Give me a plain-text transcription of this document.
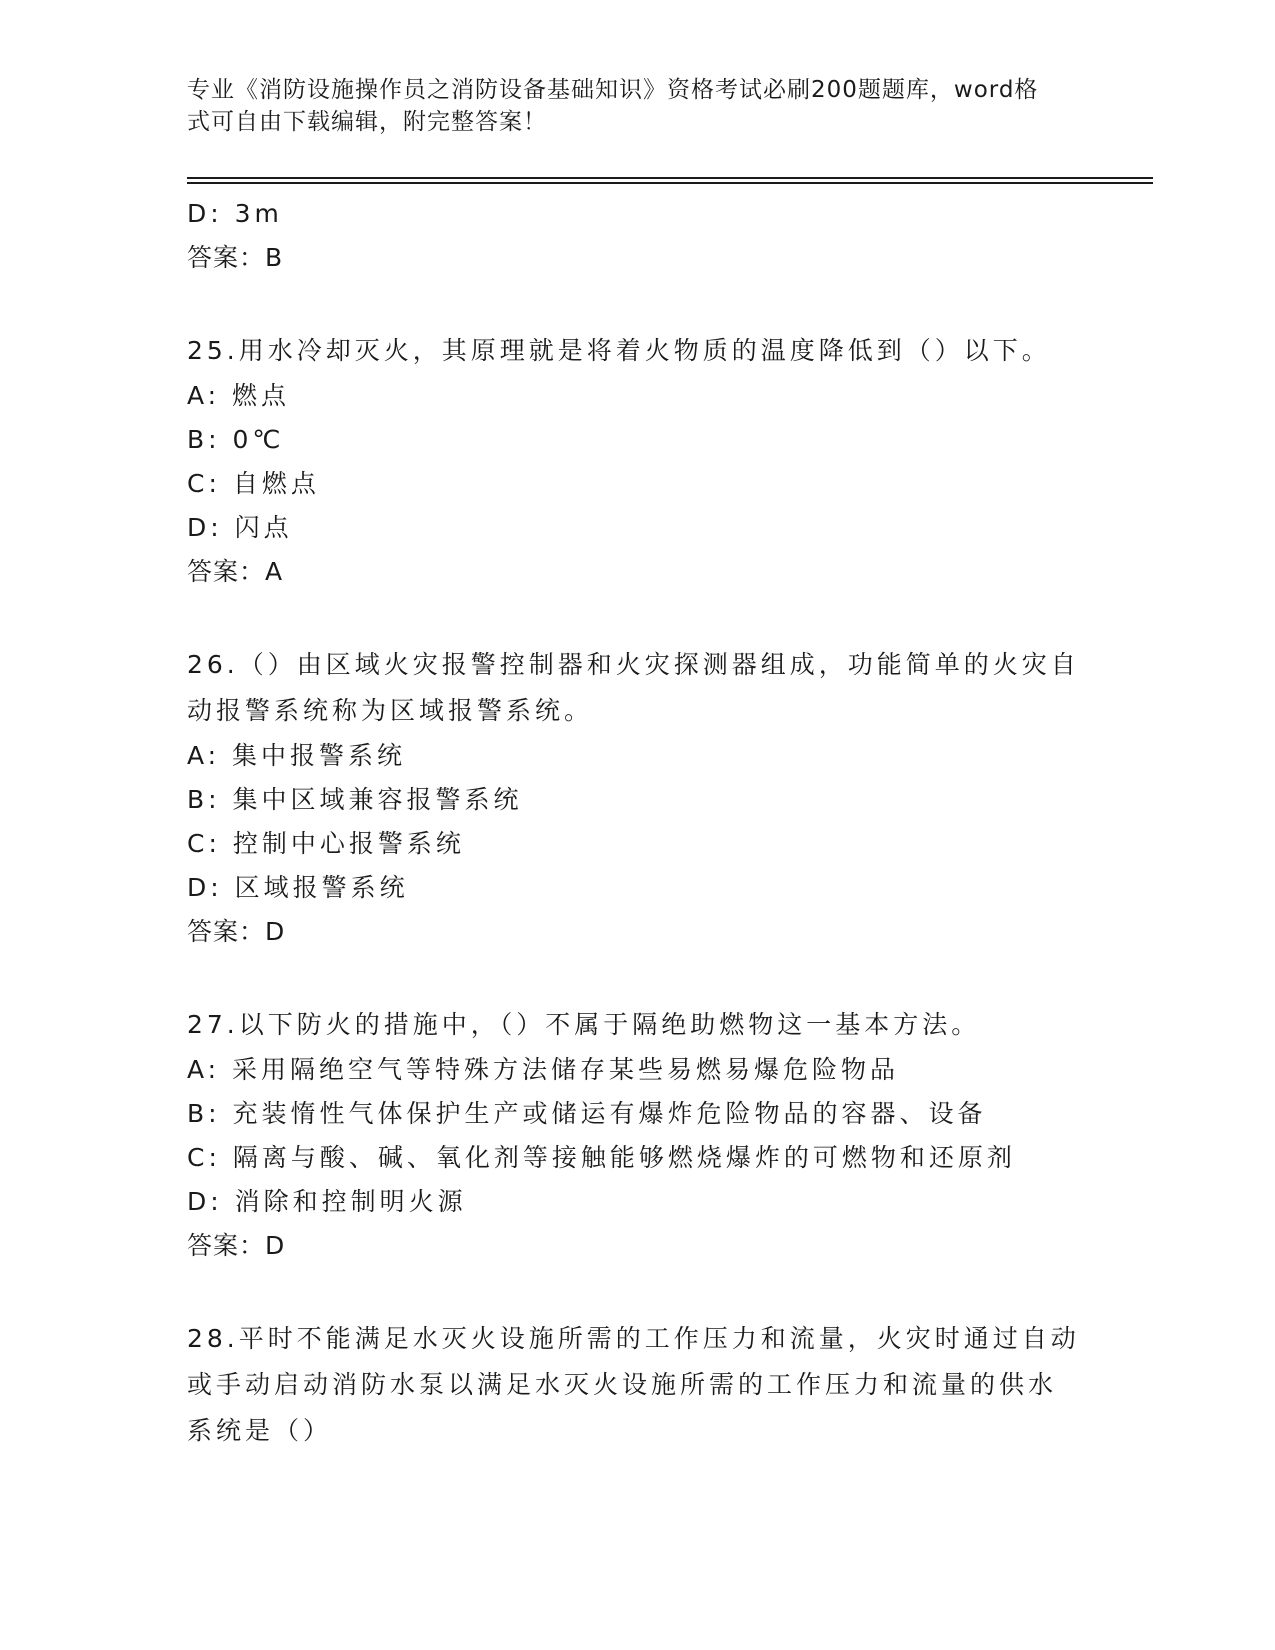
专业《消防设施操作员之消防设备基础知识》资格考试必刷200题题库，word格
式可自由下载编辑，附完整答案！
D: 3m
答案：B
25.用水冷却灭火，其原理就是将着火物质的温度降低到（）以下。
A: 燃点
B: 0℃
C: 自燃点
D: 闪点
答案：A
26.（）由区域火灾报警控制器和火灾探测器组成，功能简单的火灾自
动报警系统称为区域报警系统。
A: 集中报警系统
B: 集中区域兼容报警系统
C: 控制中心报警系统
D: 区域报警系统
答案：D
27.以下防火的措施中，（）不属于隔绝助燃物这一基本方法。
A: 采用隔绝空气等特殊方法储存某些易燃易爆危险物品
B: 充装惰性气体保护生产或储运有爆炸危险物品的容器、设备
C: 隔离与酸、碱、氧化剂等接触能够燃烧爆炸的可燃物和还原剂
D: 消除和控制明火源
答案：D
28.平时不能满足水灭火设施所需的工作压力和流量，火灾时通过自动
或手动启动消防水泵以满足水灭火设施所需的工作压力和流量的供水
系统是（）
